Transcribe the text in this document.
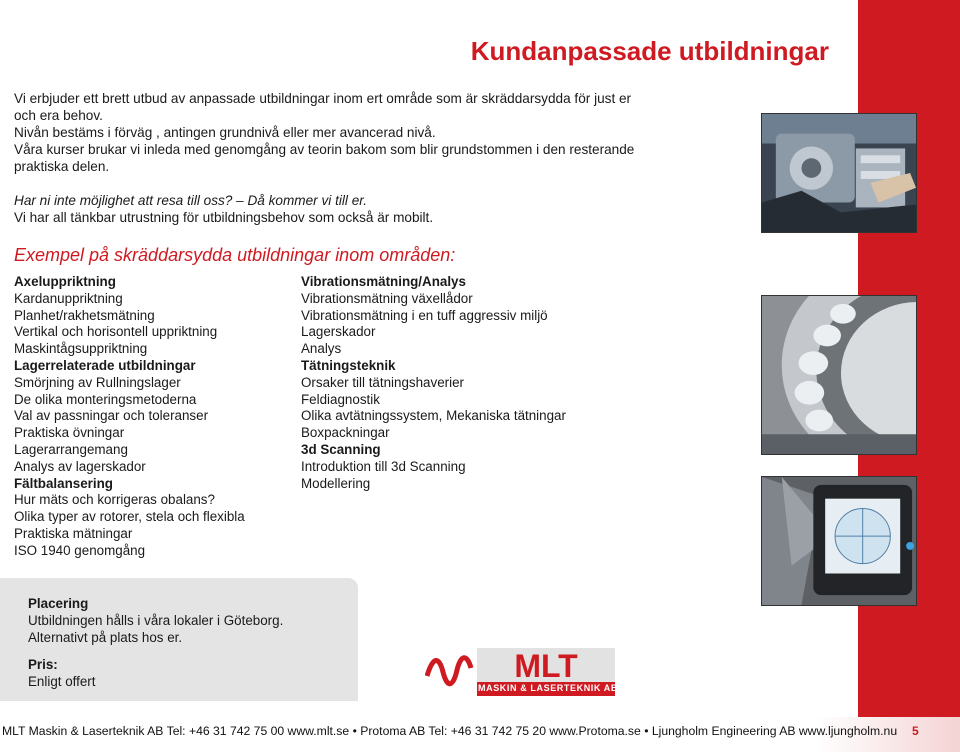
Kundanpassade utbildningar

Vi erbjuder ett brett utbud av anpassade utbildningar inom ert område som är skräddarsydda för just er

och era behov.

Nivån bestäms i förväg , antingen grundnivå eller mer avancerad nivå.

Våra kurser brukar vi inleda med genomgång av teorin bakom som blir grundstommen i den resterande

praktiska delen.

Har ni inte möjlighet att resa till oss? – Då kommer vi till er.

Vi har all tänkbar utrustning för utbildningsbehov som också är mobilt.

Exempel på skräddarsydda utbildningar inom områden:
Axeluppriktning
Kardanuppriktning
Planhet/rakhetsmätning
Vertikal och horisontell uppriktning
Maskintågsuppriktning
Lagerrelaterade utbildningar
Smörjning av Rullningslager
De olika monteringsmetoderna
Val av passningar och toleranser
Praktiska övningar
Lagerarrangemang
Analys av lagerskador
Fältbalansering
Hur mäts och korrigeras obalans?
Olika typer av rotorer, stela och flexibla
Praktiska mätningar
ISO 1940 genomgång
Vibrationsmätning/Analys
Vibrationsmätning växellådor
Vibrationsmätning i en tuff aggressiv miljö
Lagerskador
Analys
Tätningsteknik
Orsaker till tätningshaverier
Feldiagnostik
Olika avtätningssystem, Mekaniska tätningar
Boxpackningar
3d Scanning
Introduktion till 3d Scanning
Modellering
Placering
Utbildningen hålls i våra lokaler i Göteborg.
Alternativt på plats hos er.
Pris:
Enligt offert	MLT
MASKIN & LASERTEKNIK AB
MLT Maskin & Laserteknik AB Tel: +46 31 742 75 00 www.mlt.se • Protoma AB Tel: +46 31 742 75 20 www.Protoma.se • Ljungholm Engineering AB www.ljungholm.nu 5
